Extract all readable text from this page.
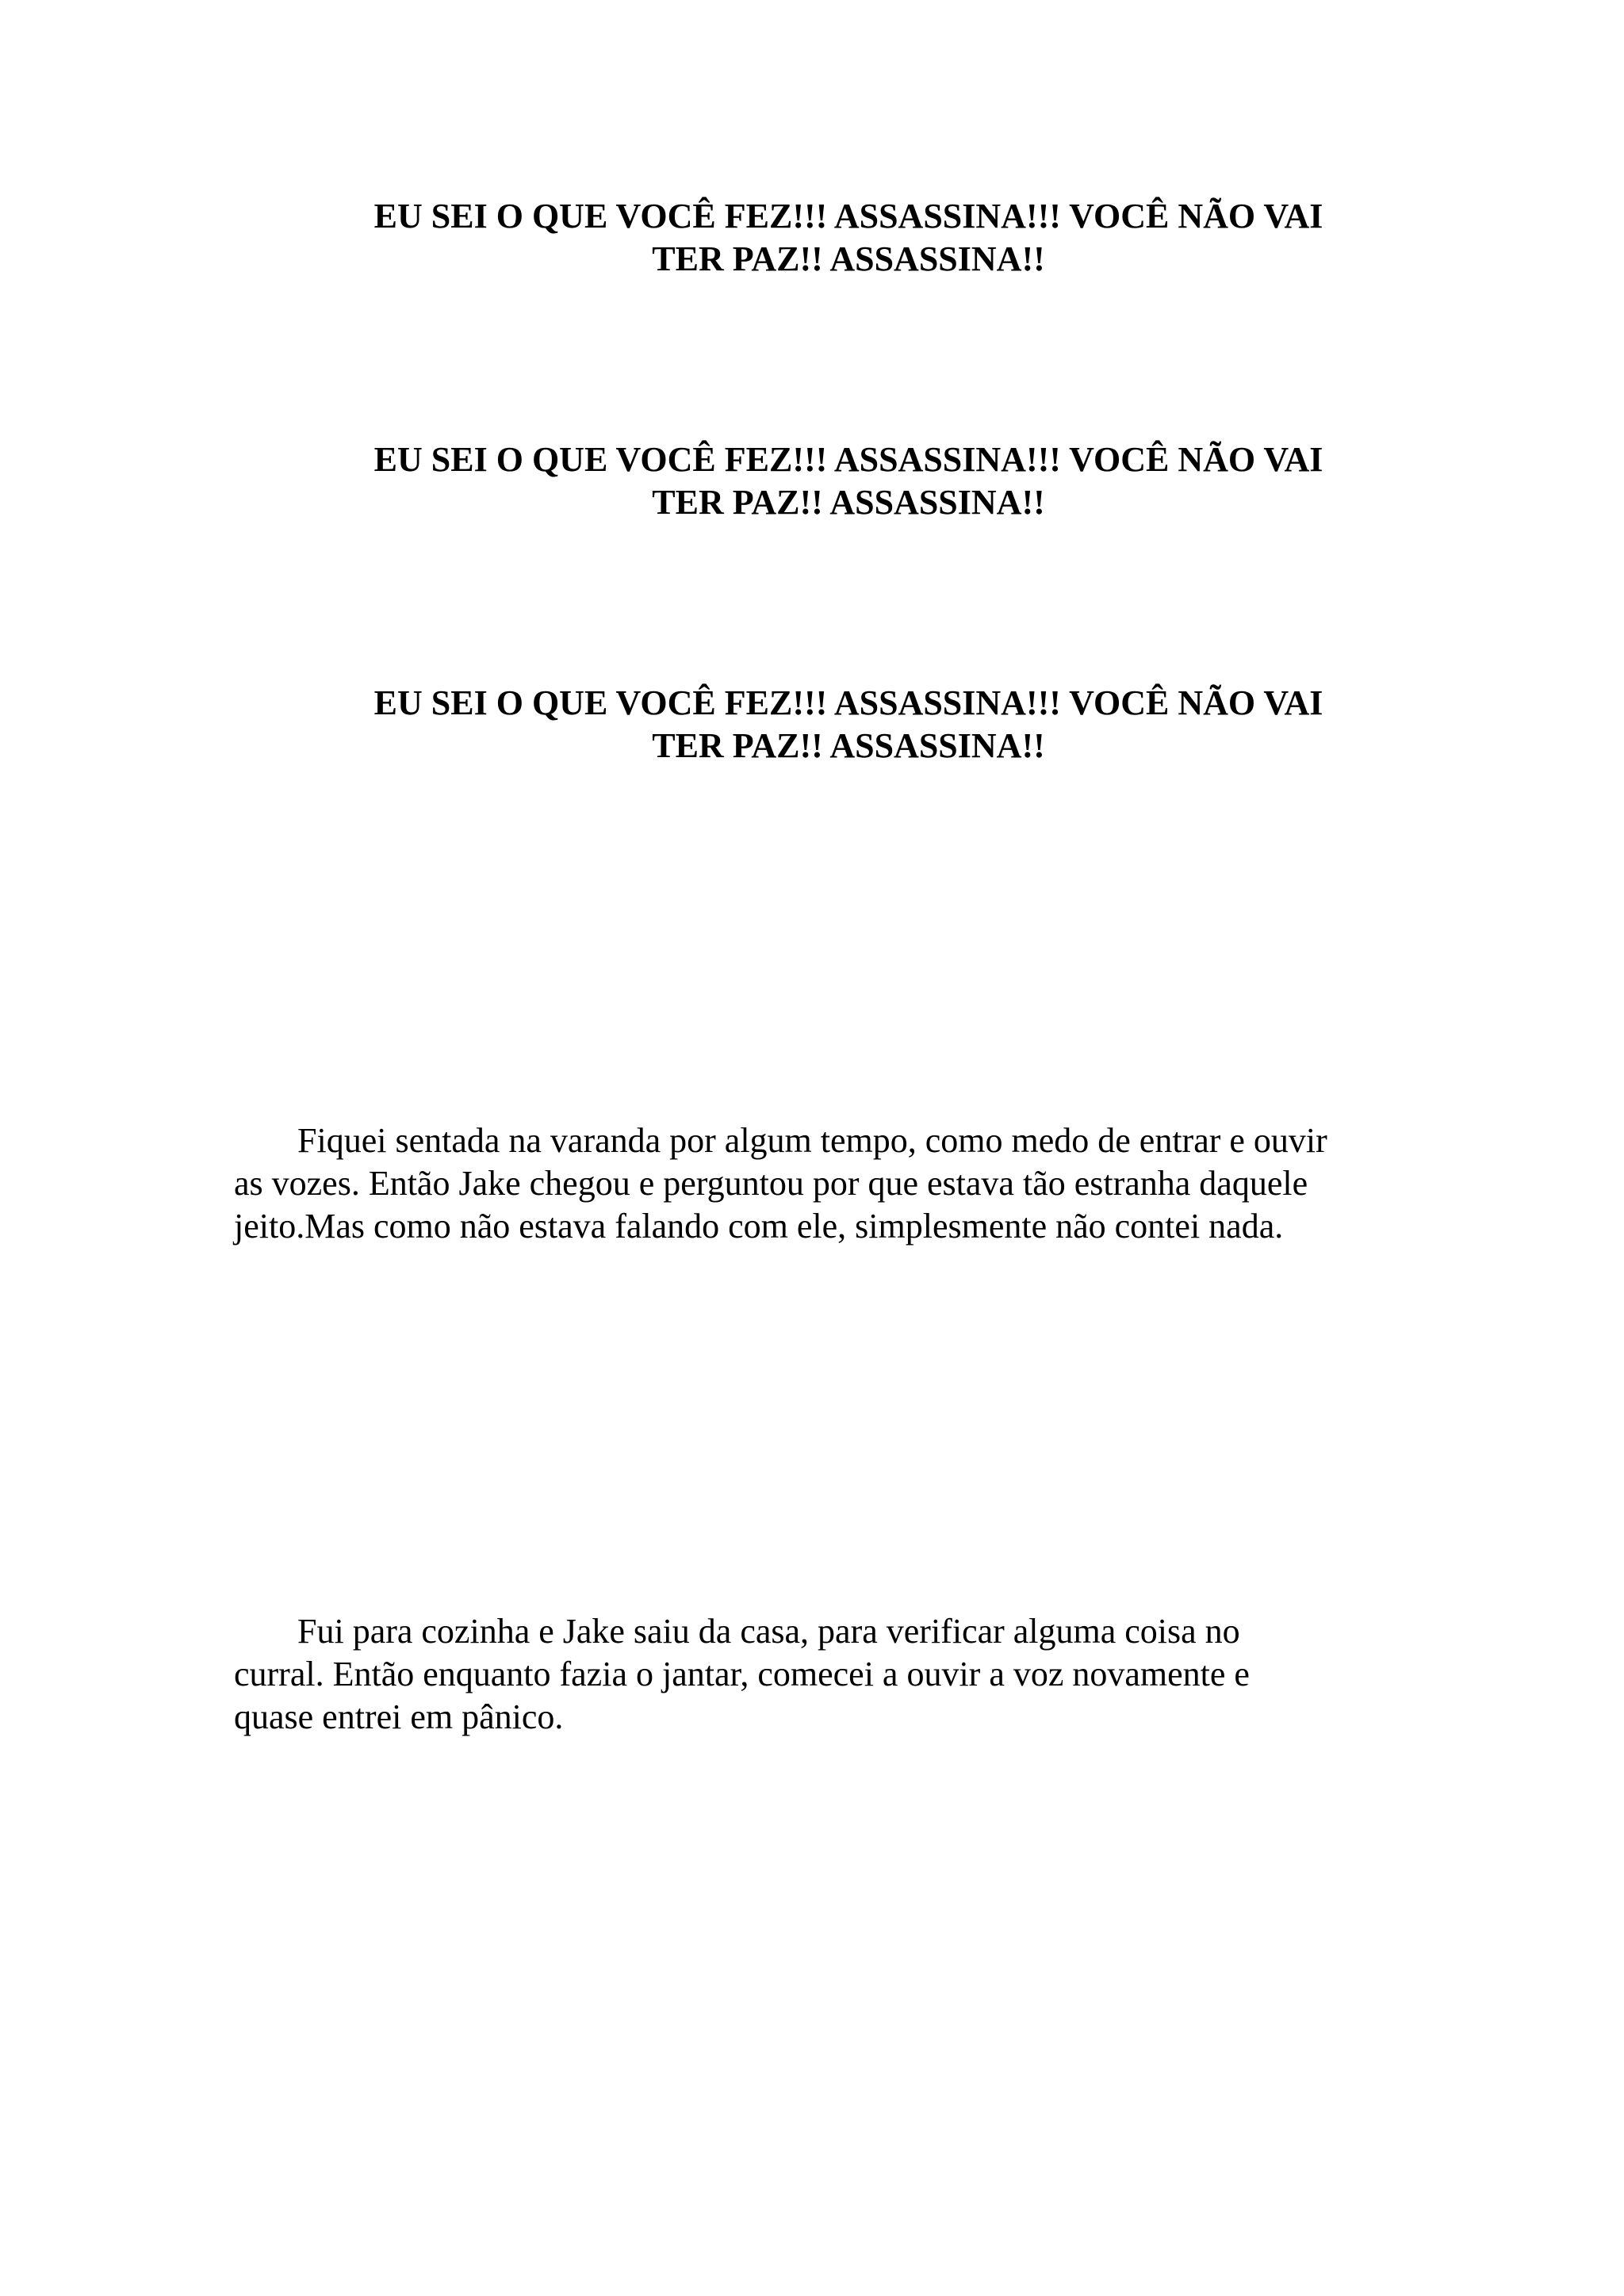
EU SEI O QUE VOCÊ FEZ!!! ASSASSINA!!! VOCÊ NÃO VAI
TER PAZ!! ASSASSINA!!

EU SEI O QUE VOCÊ FEZ!!! ASSASSINA!!! VOCÊ NÃO VAI
TER PAZ!! ASSASSINA!!

EU SEI O QUE VOCÊ FEZ!!! ASSASSINA!!! VOCÊ NÃO VAI
TER PAZ!! ASSASSINA!!

Fiquei sentada na varanda por algum tempo, como medo de entrar e ouvir
as vozes. Então Jake chegou e perguntou por que estava tão estranha daquele
jeito.Mas como não estava falando com ele, simplesmente não contei nada.

Fui para cozinha e Jake saiu da casa, para verificar alguma coisa no
curral. Então enquanto fazia o jantar, comecei a ouvir a voz novamente e
quase entrei em pânico.
